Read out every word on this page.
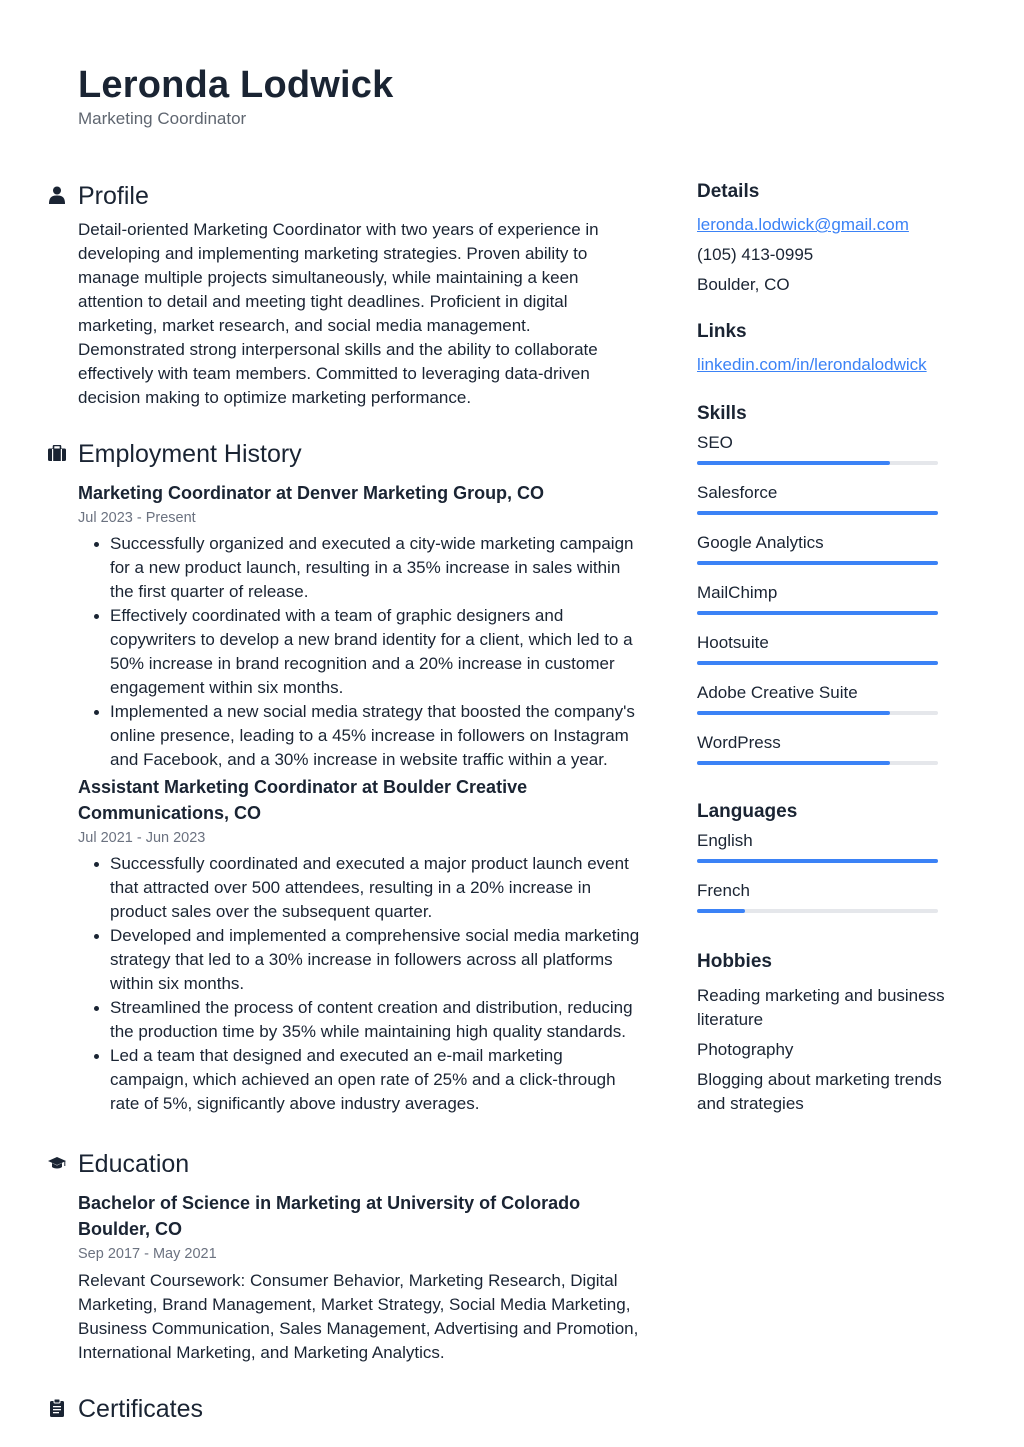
Leronda Lodwick
Marketing Coordinator
Profile

Detail-oriented Marketing Coordinator with two years of experience in developing and implementing marketing strategies. Proven ability to manage multiple projects simultaneously, while maintaining a keen attention to detail and meeting tight deadlines. Proficient in digital marketing, market research, and social media management. Demonstrated strong interpersonal skills and the ability to collaborate effectively with team members. Committed to leveraging data-driven decision making to optimize marketing performance.

Employment History
Marketing Coordinator at Denver Marketing Group, CO
Jul 2023 - Present
Successfully organized and executed a city-wide marketing campaign for a new product launch, resulting in a 35% increase in sales within the first quarter of release.
Effectively coordinated with a team of graphic designers and copywriters to develop a new brand identity for a client, which led to a 50% increase in brand recognition and a 20% increase in customer engagement within six months.
Implemented a new social media strategy that boosted the company's online presence, leading to a 45% increase in followers on Instagram and Facebook, and a 30% increase in website traffic within a year.
Assistant Marketing Coordinator at Boulder Creative Communications, CO
Jul 2021 - Jun 2023
Successfully coordinated and executed a major product launch event that attracted over 500 attendees, resulting in a 20% increase in product sales over the subsequent quarter.
Developed and implemented a comprehensive social media marketing strategy that led to a 30% increase in followers across all platforms within six months.
Streamlined the process of content creation and distribution, reducing the production time by 35% while maintaining high quality standards.
Led a team that designed and executed an e-mail marketing campaign, which achieved an open rate of 25% and a click-through rate of 5%, significantly above industry averages.
Education
Bachelor of Science in Marketing at University of Colorado Boulder, CO
Sep 2017 - May 2021

Relevant Coursework: Consumer Behavior, Marketing Research, Digital Marketing, Brand Management, Market Strategy, Social Media Marketing, Business Communication, Sales Management, Advertising and Promotion, International Marketing, and Marketing Analytics.

Certificates
Details
leronda.lodwick@gmail.com
(105) 413-0995
Boulder, CO
Links
linkedin.com/in/lerondalodwick
Skills
SEO
Salesforce
Google Analytics
MailChimp
Hootsuite
Adobe Creative Suite
WordPress
Languages
English
French
Hobbies
Reading marketing and business literature
Photography
Blogging about marketing trends and strategies
